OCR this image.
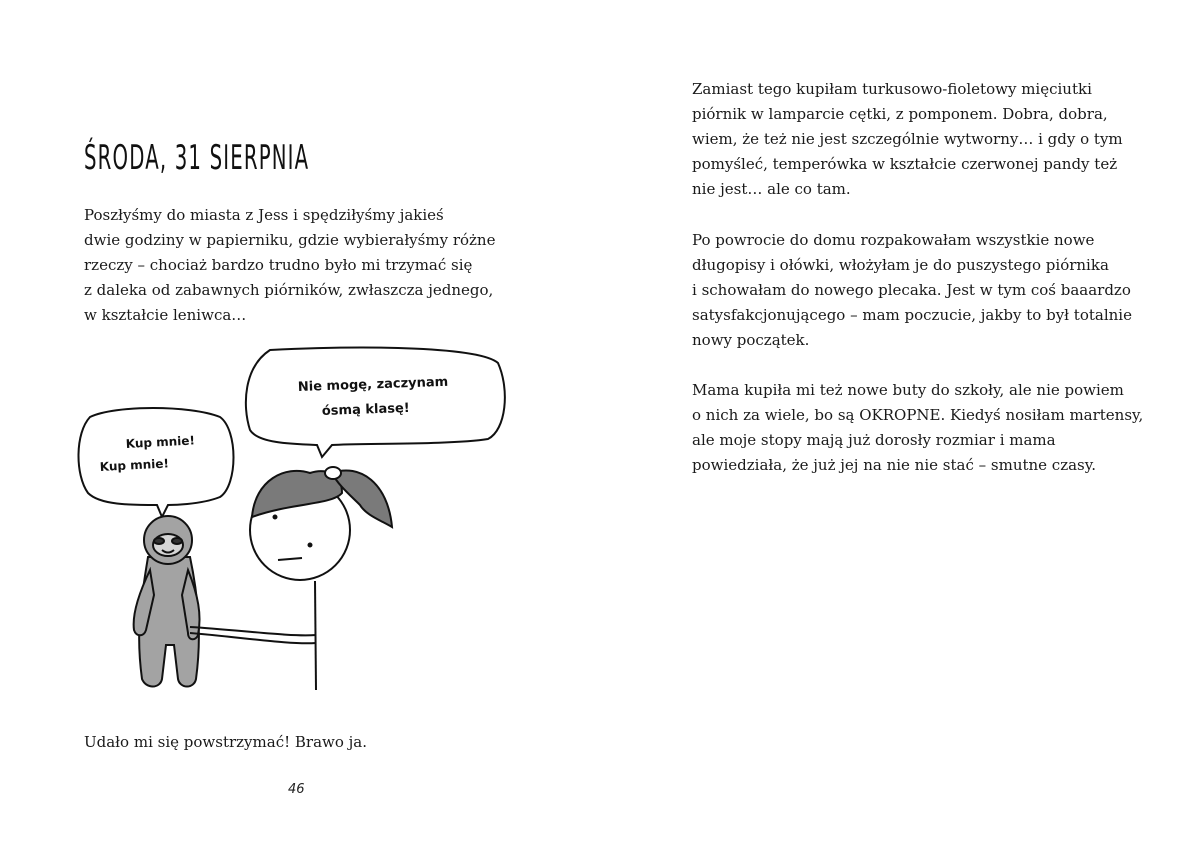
ŚRODA, 31 SIERPNIA

Poszłyśmy do miasta z Jess i spędziłyśmy jakieś
dwie godziny w papierniku, gdzie wybierałyśmy różne
rzeczy – chociaż bardzo trudno było mi trzymać się
z daleka od zabawnych piórników, zwłaszcza jednego,
w kształcie leniwca…

Nie mogę, zaczynam
ósmą klasę!
Kup mnie!
Kup mnie!

Udało mi się powstrzymać! Brawo ja.

46

Zamiast tego kupiłam turkusowo-fioletowy mięciutki
piórnik w lamparcie cętki, z pomponem. Dobra, dobra,
wiem, że też nie jest szczególnie wytworny… i gdy o tym
pomyśleć, temperówka w kształcie czerwonej pandy też
nie jest… ale co tam.

Po powrocie do domu rozpakowałam wszystkie nowe
długopisy i ołówki, włożyłam je do puszystego piórnika
i schowałam do nowego plecaka. Jest w tym coś baaardzo
satysfakcjonującego – mam poczucie, jakby to był totalnie
nowy początek.

Mama kupiła mi też nowe buty do szkoły, ale nie powiem
o nich za wiele, bo są OKROPNE. Kiedyś nosiłam martensy,
ale moje stopy mają już dorosły rozmiar i mama
powiedziała, że już jej na nie nie stać – smutne czasy.
